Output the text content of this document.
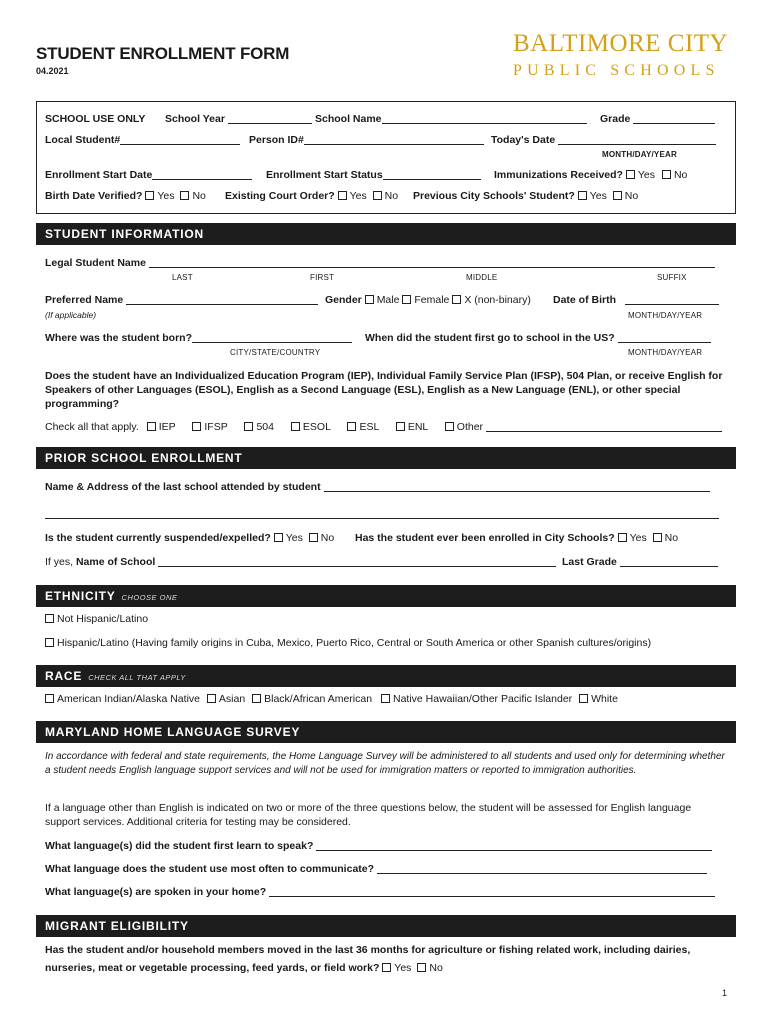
STUDENT ENROLLMENT FORM
04.2021
BALTIMORE CITY
PUBLIC SCHOOLS
SCHOOL USE ONLY School Year	School Name	Grade
Local Student#	Person ID#	Today's Date
MONTH/DAY/YEAR
Enrollment Start Date	Enrollment Start Status	Immunizations Received? Yes No
Birth Date Verified? Yes No Existing Court Order? Yes No Previous City Schools' Student? Yes No
STUDENT INFORMATION
Legal Student Name
LAST	FIRST	MIDDLE	SUFFIX
Preferred Name	Gender Male Female X (non-binary) Date of Birth
(If applicable)	MONTH/DAY/YEAR
Where was the student born?	When did the student first go to school in the US?
CITY/STATE/COUNTRY	MONTH/DAY/YEAR
Does the student have an Individualized Education Program (IEP), Individual Family Service Plan (IFSP), 504 Plan, or receive English for Speakers of other Languages (ESOL), English as a Second Language (ESL), English as a New Language (ENL), or other special programming?
Check all that apply. IEP	IFSP	504	ESOL	ESL	ENL	Other
PRIOR SCHOOL ENROLLMENT
Name & Address of the last school attended by student
Is the student currently suspended/expelled? Yes No Has the student ever been enrolled in City Schools? Yes No
If yes, Name of School	Last Grade
ETHNICITY CHOOSE ONE
Not Hispanic/Latino
Hispanic/Latino (Having family origins in Cuba, Mexico, Puerto Rico, Central or South America or other Spanish cultures/origins)
RACE CHECK ALL THAT APPLY
American Indian/Alaska Native Asian Black/African American Native Hawaiian/Other Pacific Islander White
MARYLAND HOME LANGUAGE SURVEY
In accordance with federal and state requirements, the Home Language Survey will be administered to all students and used only for determining whether a student needs English language support services and will not be used for immigration matters or reported to immigration authorities.
If a language other than English is indicated on two or more of the three questions below, the student will be assessed for English language support services. Additional criteria for testing may be considered.
What language(s) did the student first learn to speak?
What language does the student use most often to communicate?
What language(s) are spoken in your home?
MIGRANT ELIGIBILITY
Has the student and/or household members moved in the last 36 months for agriculture or fishing related work, including dairies,
nurseries, meat or vegetable processing, feed yards, or field work? Yes No
1
